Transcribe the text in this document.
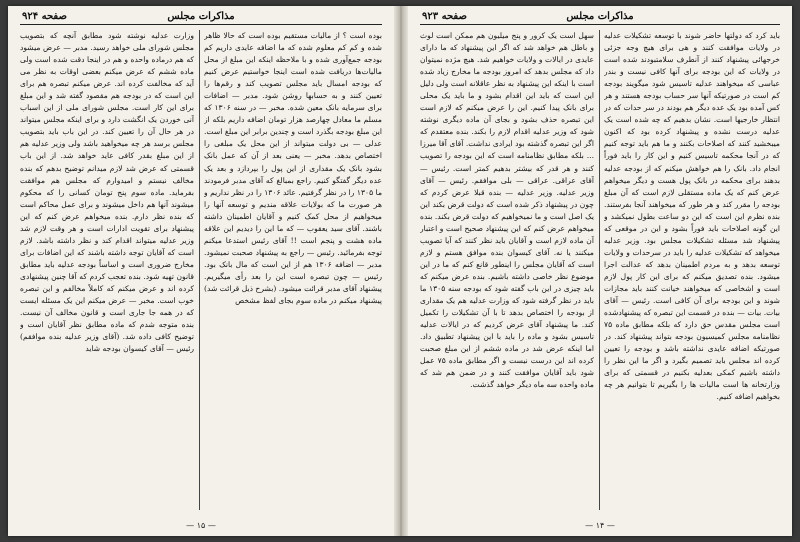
صفحه ۹۲۴	مذاکرات مجلس

بوده است ؟ از مالیات مستقیم بوده است که حالا ظاهر شده و کم کم معلوم شده که ما اضافه عایدی داریم کم بودجه جمع‌آوری شده و با ملاحظه اینکه این مبلغ از محل مالیات‌ها دریافت شده است اینجا خواستیم عرض کنیم که بودجه امسال باید مجلس تصویب کند و رقم‌ها را تعیین کنند و به حسابها روشن شود. مدبر — اضافات برای سرمایه بانک معین شده. مخبر — در سنه ۱۳۰۶ که مسلم ما معادل چهارصد هزار تومان اضافه داریم بلکه از این مبلغ بودجه بگذرد است و چندین برابر این مبلغ است. عدلی — بی دولت میتواند از این محل یک مبلغی را اختصاص بدهد. مخبر — یعنی بعد از آن که عمل بانک بشود بانک یک مقداری از این پول را بپردازد و بعد یک عده دیگر گفتگو کنیم. راجع بمبالغ که آقای مدبر فرمودند ما ۱۳۰۵ را در نظر گرفتیم. عائد ۱۳۰۶ را در نظر نداریم و هر صورت ما که بولایات علاقه مندیم و توسعه آنها را میخواهیم از محل کمک کنیم و آقایان اطمینان داشته باشند. آقای سید یعقوب — که ما این را دیدیم این علاقه ماده هشت و پنجم است !! آقای رئیس استدعا میکنم توجه بفرمائید. رئیس — راجع به پیشنهاد صحبت نمیشود. مدبر — اضافه ۱۳۰۶ هم از این است که مال بانک بود. رئیس — چون تبصره است این را بعد رأی میگیریم. پیشنهاد آقای مدبر قرائت میشود. (بشرح ذیل قرائت شد) پیشنهاد میکنم در ماده سوم بجای لفظ مشخص

وزارت عدلیه نوشته شود مطابق آنچه که بتصویب مجلس شورای ملی خواهد رسید. مدبر — عرض میشود که هم درماده واحده و هم در اینجا دقت شده است ولی ماده ششم که عرض میکنم بعضی اوقات به نظر می آید که مخالفت کرده اند. عرض میکنم تبصره هم برای این است که در بودجه هم مقصود گفته شد و این مبلغ برای این کار است. مجلس شورای ملی از این اسباب آنی خوردن یک انگشت دارد و برای اینکه مجلس میتواند در هر حال آن را تعیین کند. در این باب باید بتصویب مجلس برسد هر چه میخواهید باشد ولی وزیر عدلیه هم از این مبلغ بقدر کافی عاید خواهد شد. از این باب قسمتی که عرض شد لازم میدانم توضیح بدهم که بنده مخالف نیستم و امیدوارم که مجلس هم موافقت بفرماید. ماده سوم پنج تومان کسانی را که محکوم میشوند آنها هم داخل میشوند و برای عمل محاکم است که بنده نظر دارم. بنده میخواهم عرض کنم که این پیشنهاد برای تقویت ادارات است و هر وقت لازم شد وزیر عدلیه میتواند اقدام کند و نظر داشته باشد. لازم است که آقایان توجه داشته باشند که این اضافات برای مخارج ضروری است و اساساً بودجه عدلیه باید مطابق قانون تهیه شود. بنده تعجب کردم که آقا چنین پیشنهادی کرده اند و عرض میکنم که کاملاً مخالفم و این تبصره خوب است. مخبر — عرض میکنم این یک مسئله ایست که در همه جا جاری است و قانون مخالف آن نیست. بنده متوجه شدم که ماده مطابق نظر آقایان است و توضیح کافی داده شد. (آقای وزیر عدلیه بنده موافقم) رئیس — آقای کیسوان بودجه شاید

— ۱۵ —
صفحه ۹۲۳	مذاکرات مجلس

باید کرد که دولتها حاضر شوند با توسعه تشکیلات عدلیه در ولایات موافقت کنند و هی برای هیچ وجه جزئی خرجهائی پیشنهاد کنند از آنطرف سلامتبودند شده است در ولایات که این بودجه برای آنها کافی نیست و بندر عباسی که میخواهند عدلیه تاسیس شود میگویند بودجه کم است در صورتیکه آنها سر حساب بودجه هستند و هر کس آمده بود یک عده دیگر هم بودند در سر حدات که در انتظار خارجیها است. نشان بدهیم که چه شده است یک عدلیه درست نشده و پیشنهاد کرده بود که اکنون میبخشید کنند که اصلاحات بکنند و ما هم باید توجه کنیم که در آنجا محکمه تاسیس کنیم و این کار را باید فوراً انجام داد. بانک را هم خواهش میکنم که از بودجه عدلیه بدهند برای محکمه در بانک پول هست و دیگر میخواهم عرض کنم که یک ماده مستقلی لازم است که آن مبلغ بودجه را مقرر کند و هر طور که میخواهند آنجا بفرستند. بنده نظرم این است که این دو ساعت بطول نمیکشد و این گونه اصلاحات باید فوراً بشود و این در موقعی که پیشنهاد شد مسئله تشکیلات مجلس بود. وزیر عدلیه میخواهد که تشکیلات عدلیه را باید در سرحدات و ولایات توسعه بدهد و به مردم اطمینان بدهد که عدالت اجرا میشود. بنده تصدیق میکنم که برای این کار پول لازم است و اشخاصی که میخواهند خیانت کنند باید مجازات شوند و این بودجه برای آن کافی است. رئیس — آقای بیات. بیات — بنده در قسمت این تبصره که پیشنهادشده است مجلس مقدس حق دارد که بلکه مطابق ماده ۷۵ نظامنامه مجلس کمیسیون بودجه بتواند پیشنهاد کند. در صورتیکه اضافه عایدی نداشته باشد و بودجه را تعیین کرده اند مجلس باید تصمیم بگیرد و اگر ما این نظر را داشته باشیم کمکی بعدلیه بکنیم در قسمتی که برای وزارتخانه ها است مالیات ها را بگیریم تا بتوانیم هر چه بخواهیم اضافه کنیم.

سهل است یک کرور و پنج میلیون هم ممکن است لوث و باطل هم خواهد شد که اگر این پیشنهاد که ما دارای عایدی در ایالات و ولایات خواهیم شد. هیچ مژده نمیتوان داد که مجلس بدهد که امروز بودجه ما مخارج زیاد شده است با اینکه این پیشنهاد به نظر عاقلانه است ولی دلیل این است که باید این اقدام بشود و ما باید یک محلی برای بانک پیدا کنیم. این را عرض میکنم که لازم است این تبصره حذف بشود و بجای آن ماده دیگری نوشته شود که وزیر عدلیه اقدام لازم را بکند. بنده معتقدم که اگر این تبصره گذشته بود ایرادی نداشت. آقای آقا میرزا ... بلکه مطابق نظامنامه است که این بودجه را تصویب کنند و هر قدر که بیشتر بدهیم کمتر است. رئیس — آقای عراقی. عراقی — بلی موافقم. رئیس — آقای وزیر عدلیه. وزیر عدلیه — بنده قبلا عرض کردم که چون در پیشنهاد ذکر شده است که دولت قرض بکند این یک اصل است و ما نمیخواهیم که دولت قرض بکند. بنده میخواهم عرض کنم که این پیشنهاد صحیح است و اعتبار آن ماده لازم است و آقایان باید نظر کنند که آیا تصویب میکنند یا نه. آقای کیسوان بنده موافق هستم و لازم است که آقایان مجلس را اینطور قانع کنم که ما در این موضوع نظر خاصی داشته باشیم. بنده عرض میکنم که باید چیزی در این باب گفته شود که بودجه سنه ۱۳۰۵ ما باید در نظر گرفته شود که وزارت عدلیه هم یک مقداری از بودجه را اختصاص بدهد تا با آن تشکیلات را تکمیل کند. ما پیشنهاد آقای عرض کردیم که در ایالات عدلیه تاسیس بشود و ماده را باید با این پیشنهاد تطبیق داد. اما اینکه عرض شد در ماده ششم از این مبلغ صحبت کرده اند این درست نیست و اگر مطابق ماده ۷۵ عمل شود باید آقایان موافقت کنند و در ضمن هم شد که ماده واحده سه ماه دیگر خواهد گذشت.

— ۱۴ —
